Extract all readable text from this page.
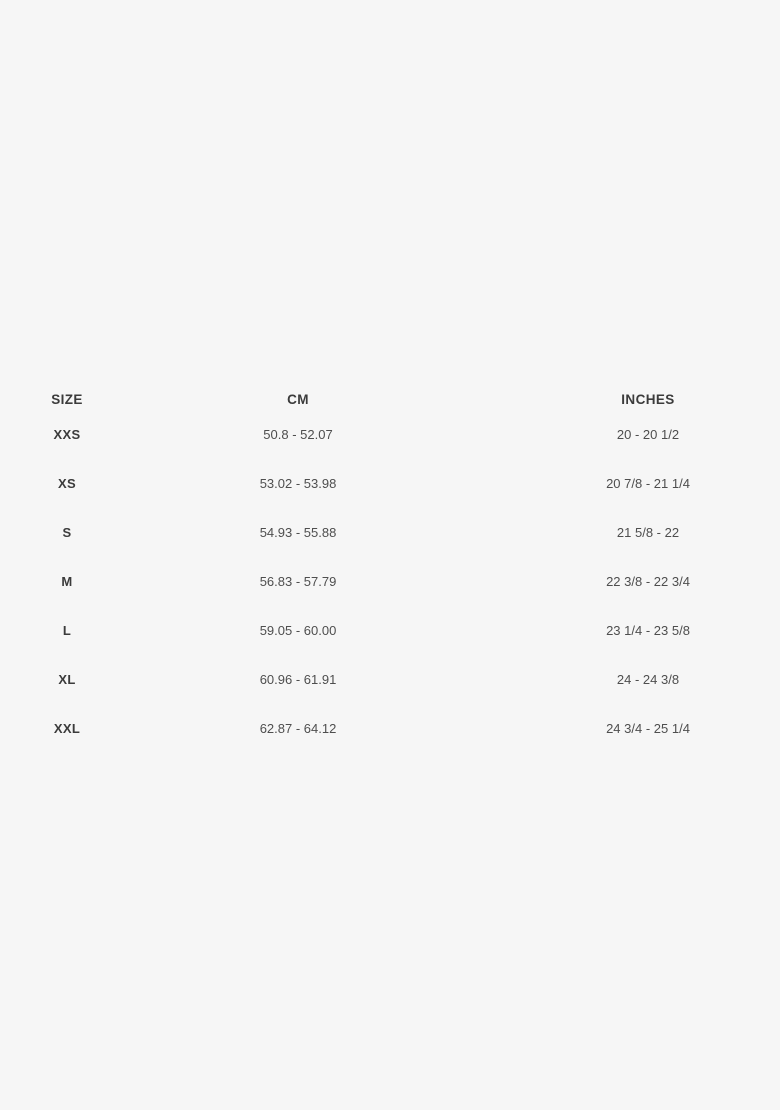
SIZE	CM	INCHES
XXS	50.8 - 52.07	20 - 20 1/2
XS	53.02 - 53.98	20 7/8 - 21 1/4
S	54.93 - 55.88	21 5/8 - 22
M	56.83 - 57.79	22 3/8 - 22 3/4
L	59.05 - 60.00	23 1/4 - 23 5/8
XL	60.96 - 61.91	24 - 24 3/8
XXL	62.87 - 64.12	24 3/4 - 25 1/4
